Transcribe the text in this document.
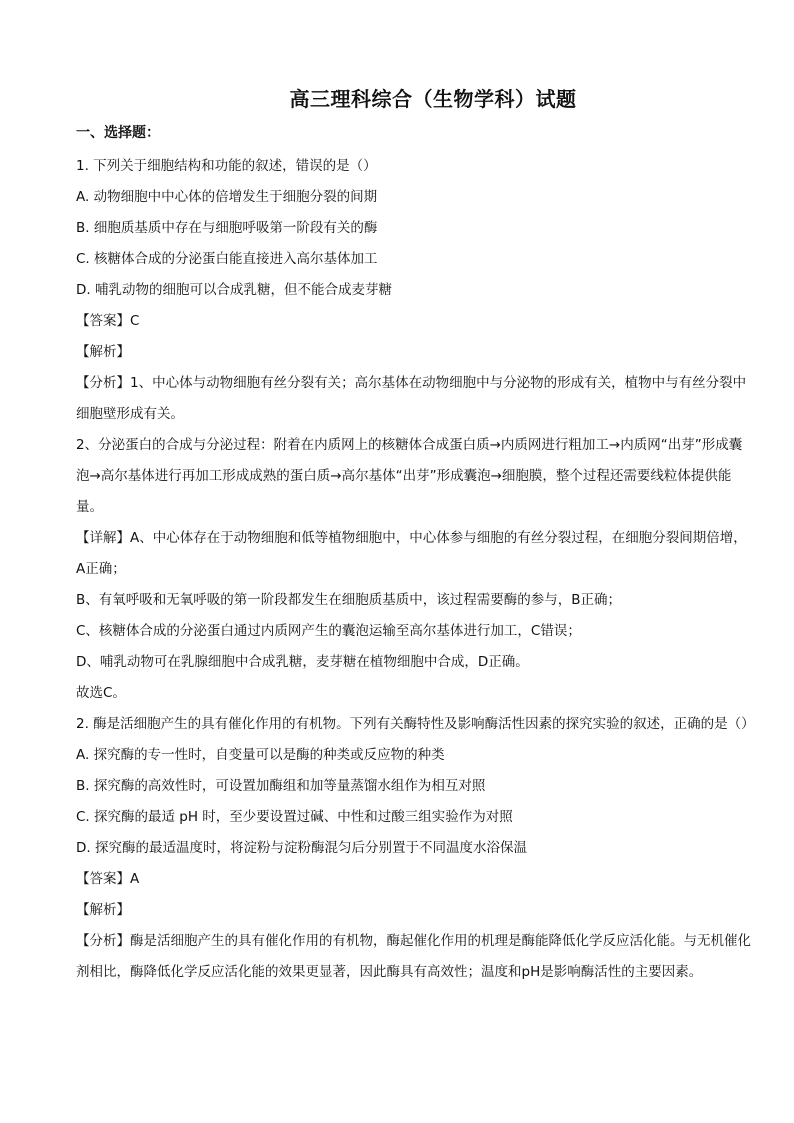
高三理科综合（生物学科）试题
一、选择题：

1. 下列关于细胞结构和功能的叙述，错误的是（）

A. 动物细胞中中心体的倍增发生于细胞分裂的间期

B. 细胞质基质中存在与细胞呼吸第一阶段有关的酶

C. 核糖体合成的分泌蛋白能直接进入高尔基体加工

D. 哺乳动物的细胞可以合成乳糖，但不能合成麦芽糖

【答案】C

【解析】

【分析】1、中心体与动物细胞有丝分裂有关；高尔基体在动物细胞中与分泌物的形成有关，植物中与有丝分裂中细胞壁形成有关。

2、分泌蛋白的合成与分泌过程：附着在内质网上的核糖体合成蛋白质→内质网进行粗加工→内质网“出芽”形成囊泡→高尔基体进行再加工形成成熟的蛋白质→高尔基体“出芽”形成囊泡→细胞膜，整个过程还需要线粒体提供能量。

【详解】A、中心体存在于动物细胞和低等植物细胞中，中心体参与细胞的有丝分裂过程，在细胞分裂间期倍增，A正确；

B、有氧呼吸和无氧呼吸的第一阶段都发生在细胞质基质中，该过程需要酶的参与，B正确；

C、核糖体合成的分泌蛋白通过内质网产生的囊泡运输至高尔基体进行加工，C错误；

D、哺乳动物可在乳腺细胞中合成乳糖，麦芽糖在植物细胞中合成，D正确。

故选C。

2. 酶是活细胞产生的具有催化作用的有机物。下列有关酶特性及影响酶活性因素的探究实验的叙述，正确的是（）

A. 探究酶的专一性时，自变量可以是酶的种类或反应物的种类

B. 探究酶的高效性时，可设置加酶组和加等量蒸馏水组作为相互对照

C. 探究酶的最适 pH 时，至少要设置过碱、中性和过酸三组实验作为对照

D. 探究酶的最适温度时，将淀粉与淀粉酶混匀后分别置于不同温度水浴保温

【答案】A

【解析】

【分析】酶是活细胞产生的具有催化作用的有机物，酶起催化作用的机理是酶能降低化学反应活化能。与无机催化剂相比，酶降低化学反应活化能的效果更显著，因此酶具有高效性；温度和pH是影响酶活性的主要因素。
